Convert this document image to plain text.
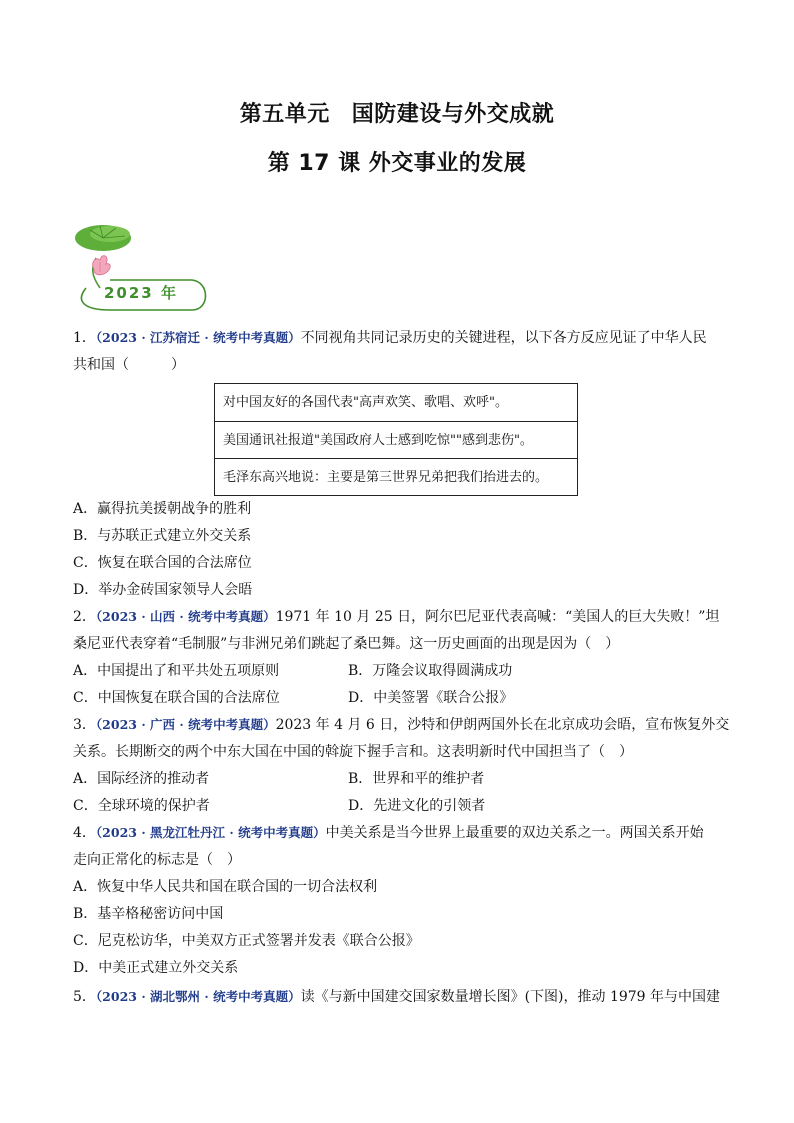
第五单元 国防建设与外交成就
第 17 课 外交事业的发展
2023 年
1．（2023 · 江苏宿迁 · 统考中考真题）不同视角共同记录历史的关键进程，以下各方反应见证了中华人民
共和国（　　　）
对中国友好的各国代表"高声欢笑、歌唱、欢呼"。
美国通讯社报道"美国政府人士感到吃惊""感到悲伤"。
毛泽东高兴地说：主要是第三世界兄弟把我们抬进去的。
A．赢得抗美援朝战争的胜利
B．与苏联正式建立外交关系
C．恢复在联合国的合法席位
D．举办金砖国家领导人会晤
2．（2023 · 山西 · 统考中考真题）1971 年 10 月 25 日，阿尔巴尼亚代表高喊：“美国人的巨大失败！”坦
桑尼亚代表穿着“毛制服”与非洲兄弟们跳起了桑巴舞。这一历史画面的出现是因为（　）
A．中国提出了和平共处五项原则	B．万隆会议取得圆满成功
C．中国恢复在联合国的合法席位	D．中美签署《联合公报》
3．（2023 · 广西 · 统考中考真题）2023 年 4 月 6 日，沙特和伊朗两国外长在北京成功会晤，宣布恢复外交
关系。长期断交的两个中东大国在中国的斡旋下握手言和。这表明新时代中国担当了（　）
A．国际经济的推动者	B．世界和平的维护者
C．全球环境的保护者	D．先进文化的引领者
4．（2023 · 黑龙江牡丹江 · 统考中考真题）中美关系是当今世界上最重要的双边关系之一。两国关系开始
走向正常化的标志是（　）
A．恢复中华人民共和国在联合国的一切合法权利
B．基辛格秘密访问中国
C．尼克松访华，中美双方正式签署并发表《联合公报》
D．中美正式建立外交关系
5．（2023 · 湖北鄂州 · 统考中考真题）读《与新中国建交国家数量增长图》(下图)，推动 1979 年与中国建
